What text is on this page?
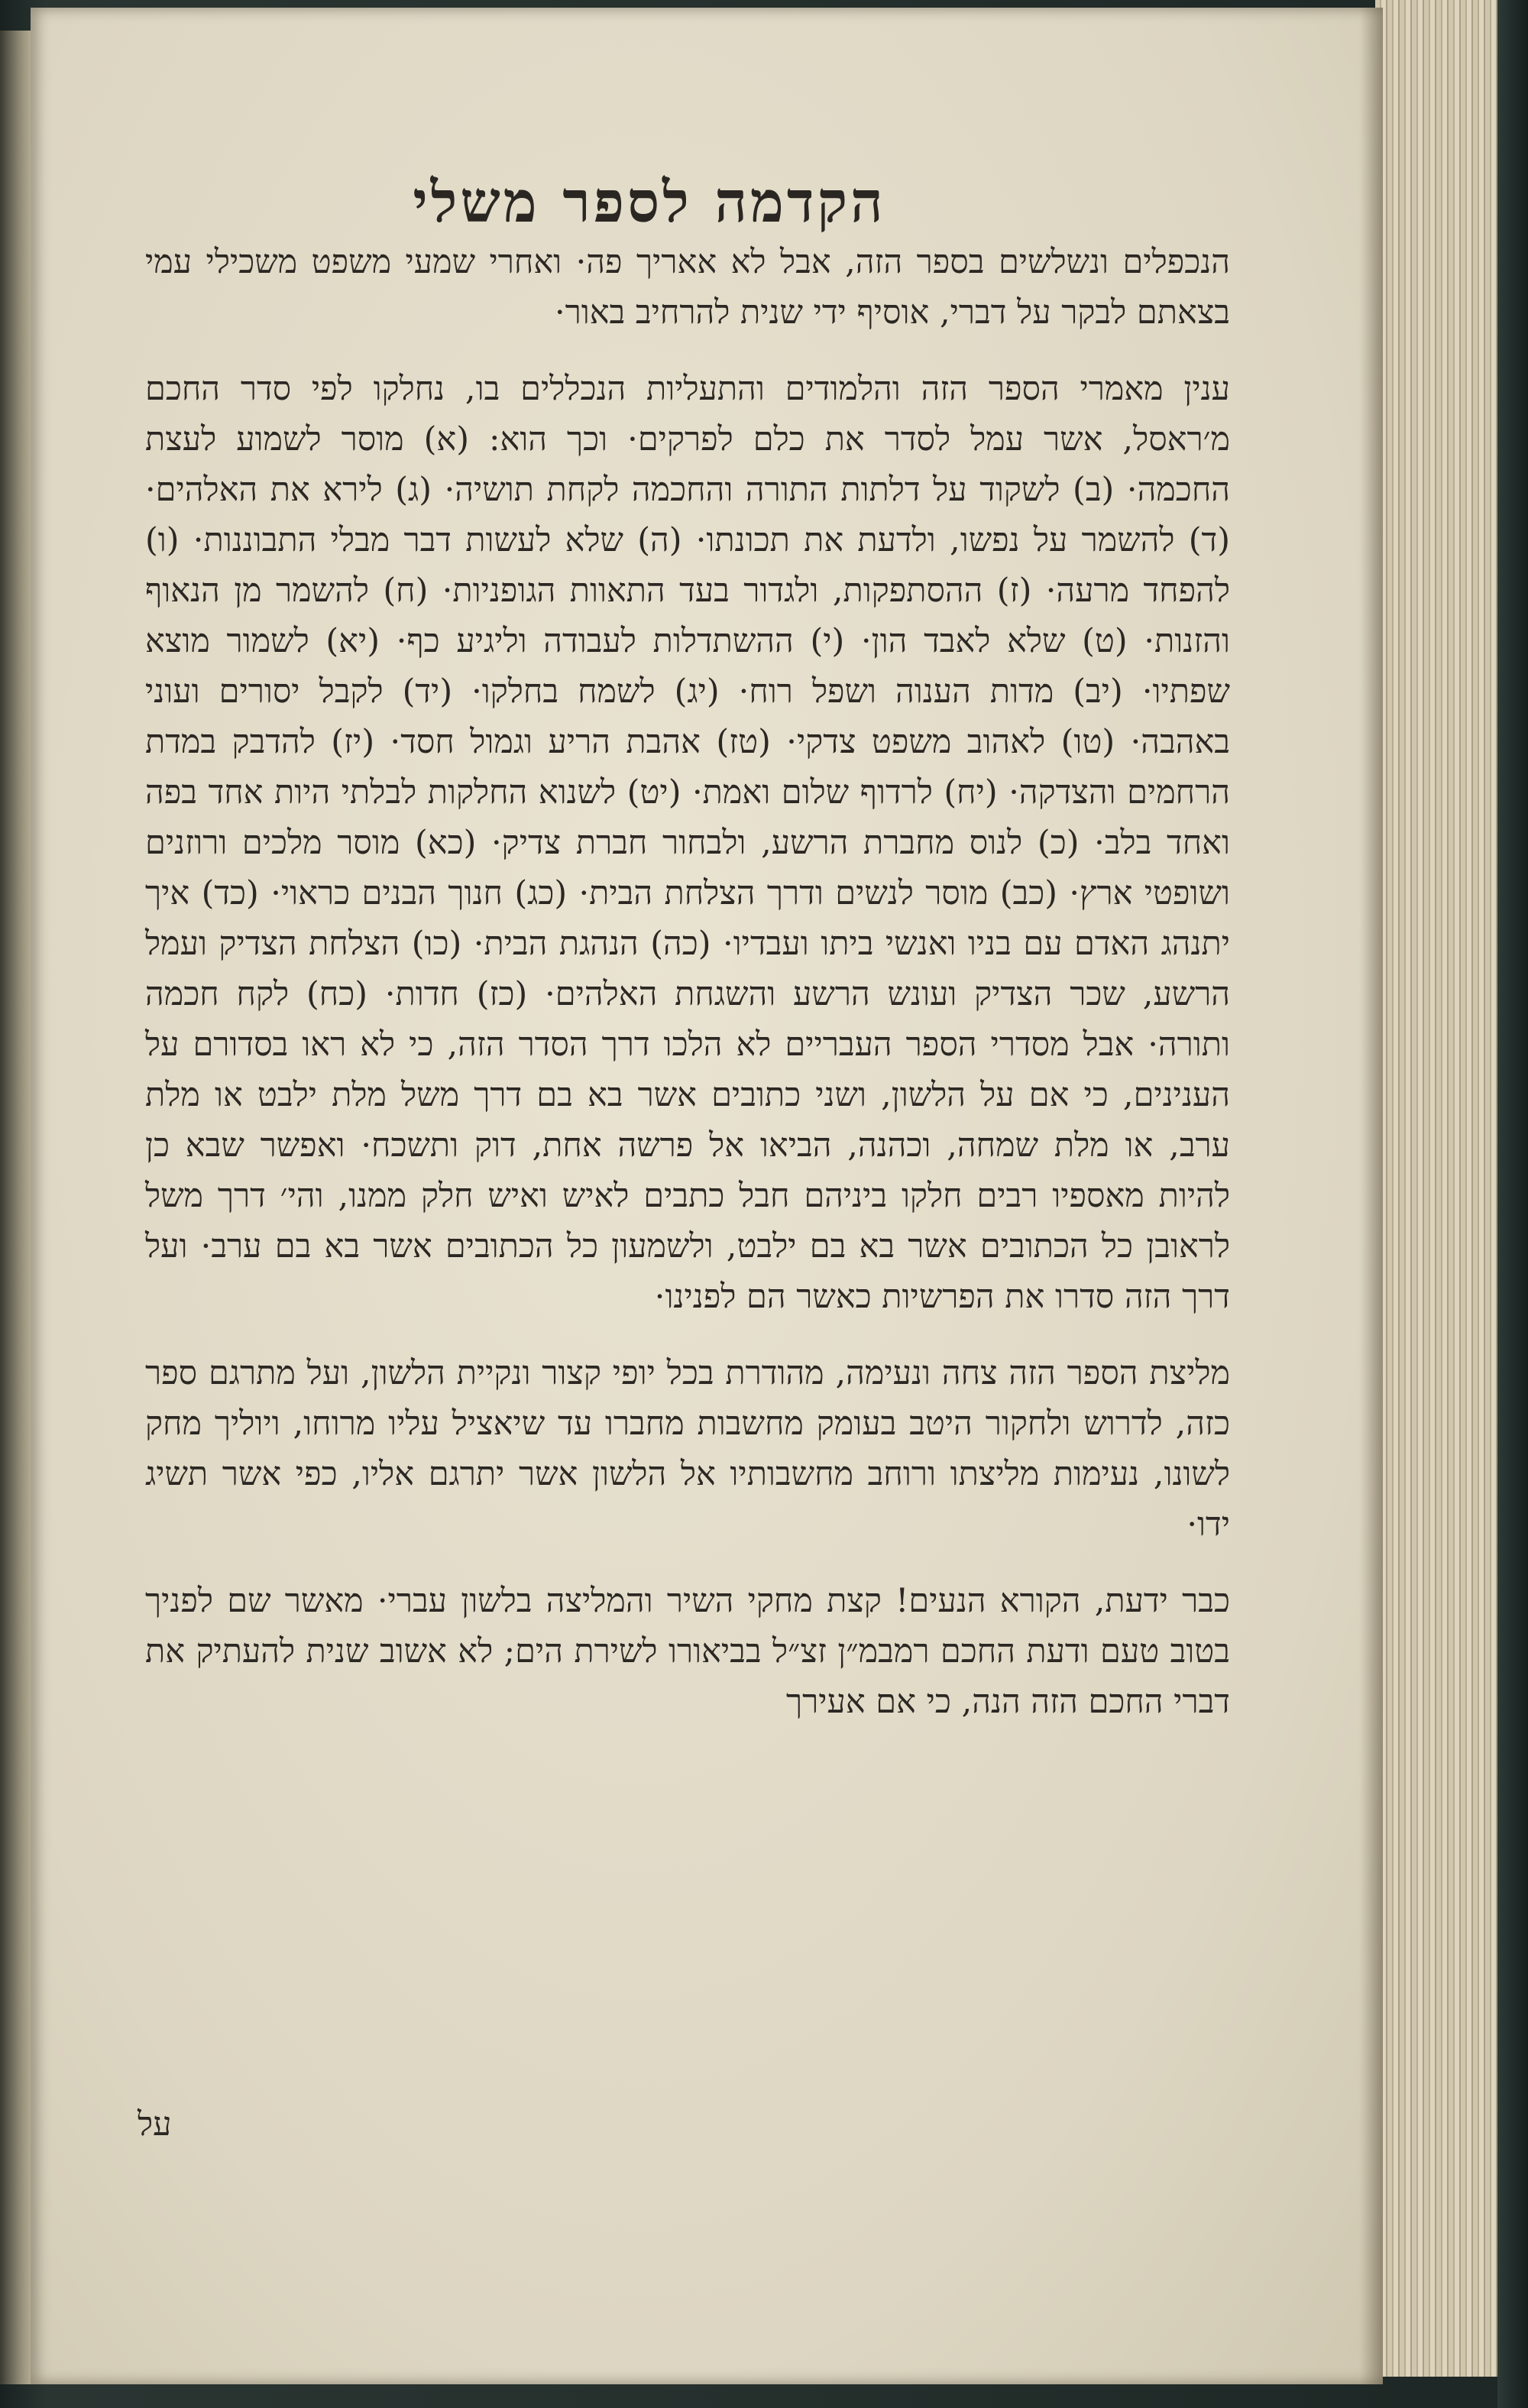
הקדמה לספר משלי

הנכפלים ונשלשים בספר הזה, אבל לא אאריך פה· ואחרי שמעי משפט משכילי עמי בצאתם לבקר על דברי, אוסיף ידי שנית להרחיב באור·

ענין מאמרי הספר הזה והלמודים והתעליות הנכללים בו, נחלקו לפי סדר החכם מ׳ראסל, אשר עמל לסדר את כלם לפרקים· וכך הוא: (א) מוסר לשמוע לעצת החכמה· (ב) לשקוד על דלתות התורה והחכמה לקחת תושיה· (ג) לירא את האלהים· (ד) להשמר על נפשו, ולדעת את תכונתו· (ה) שלא לעשות דבר מבלי התבוננות· (ו) להפחד מרעה· (ז) ההסתפקות, ולגדור בעד התאוות הגופניות· (ח) להשמר מן הנאוף והזנות· (ט) שלא לאבד הון· (י) ההשתדלות לעבודה וליגיע כף· (יא) לשמור מוצא שפתיו· (יב) מדות הענוה ושפל רוח· (יג) לשמח בחלקו· (יד) לקבל יסורים ועוני באהבה· (טו) לאהוב משפט צדקי· (טז) אהבת הריע וגמול חסד· (יז) להדבק במדת הרחמים והצדקה· (יח) לרדוף שלום ואמת· (יט) לשנוא החלקות לבלתי היות אחד בפה ואחד בלב· (כ) לנוס מחברת הרשע, ולבחור חברת צדיק· (כא) מוסר מלכים ורוזנים ושופטי ארץ· (כב) מוסר לנשים ודרך הצלחת הבית· (כג) חנוך הבנים כראוי· (כד) איך יתנהג האדם עם בניו ואנשי ביתו ועבדיו· (כה) הנהגת הבית· (כו) הצלחת הצדיק ועמל הרשע, שכר הצדיק ועונש הרשע והשגחת האלהים· (כז) חדות· (כח) לקח חכמה ותורה· אבל מסדרי הספר העבריים לא הלכו דרך הסדר הזה, כי לא ראו בסדורם על הענינים, כי אם על הלשון, ושני כתובים אשר בא בם דרך משל מלת ילבט או מלת ערב, או מלת שמחה, וכהנה, הביאו אל פרשה אחת, דוק ותשכח· ואפשר שבא כן להיות מאספיו רבים חלקו ביניהם חבל כתבים לאיש ואיש חלק ממנו, והי׳ דרך משל לראובן כל הכתובים אשר בא בם ילבט, ולשמעון כל הכתובים אשר בא בם ערב· ועל דרך הזה סדרו את הפרשיות כאשר הם לפנינו·

מליצת הספר הזה צחה ונעימה, מהודרת בכל יופי קצור ונקיית הלשון, ועל מתרגם ספר כזה, לדרוש ולחקור היטב בעומק מחשבות מחברו עד שיאציל עליו מרוחו, ויוליך מחק לשונו, נעימות מליצתו ורוחב מחשבותיו אל הלשון אשר יתרגם אליו, כפי אשר תשיג ידו·

כבר ידעת, הקורא הנעים! קצת מחקי השיר והמליצה בלשון עברי· מאשר שם לפניך בטוב טעם ודעת החכם רמבמ״ן זצ״ל בביאורו לשירת הים; לא אשוב שנית להעתיק את דברי החכם הזה הנה, כי אם אעירך

על
